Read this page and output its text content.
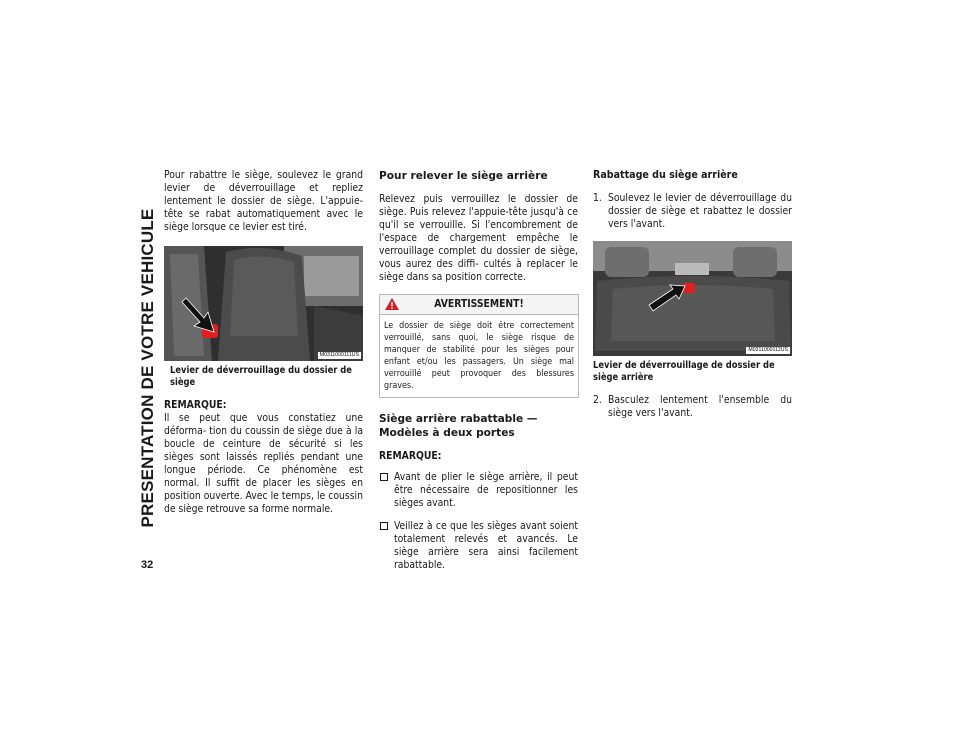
PRESENTATION DE VOTRE VEHICULE

Pour rabattre le siège, soulevez le grand levier de déverrouillage et repliez lentement le dossier de siège. L'appuie-tête se rabat automatiquement avec le siège lorsque ce levier est tiré.

M0311000111US
Levier de déverrouillage du dossier de siège
REMARQUE:

Il se peut que vous constatiez une déforma- tion du coussin de siège due à la boucle de ceinture de sécurité si les sièges sont laissés repliés pendant une longue période. Ce phénomène est normal. Il suffit de placer les sièges en position ouverte. Avec le temps, le coussin de siège retrouve sa forme normale.

Pour relever le siège arrière

Relevez puis verrouillez le dossier de siège. Puis relevez l'appuie-tête jusqu'à ce qu'il se verrouille. Si l'encombrement de l'espace de chargement empêche le verrouillage complet du dossier de siège, vous aurez des diffi- cultés à replacer le siège dans sa position correcte.

AVERTISSEMENT!

Le dossier de siège doit être correctement verrouillé, sans quoi, le siège risque de manquer de stabilité pour les sièges pour enfant et/ou les passagers. Un siège mal verrouillé peut provoquer des blessures graves.

Siège arrière rabattable — Modèles à deux portes
REMARQUE:
Avant de plier le siège arrière, il peut être nécessaire de repositionner les sièges avant.
Veillez à ce que les sièges avant soient totalement relevés et avancés. Le siège arrière sera ainsi facilement rabattable.
Rabattage du siège arrière
1. Soulevez le levier de déverrouillage du dossier de siège et rabattez le dossier vers l'avant.
M0311000112US
Levier de déverrouillage de dossier de siège arrière
2. Basculez lentement l'ensemble du siège vers l'avant.
32
